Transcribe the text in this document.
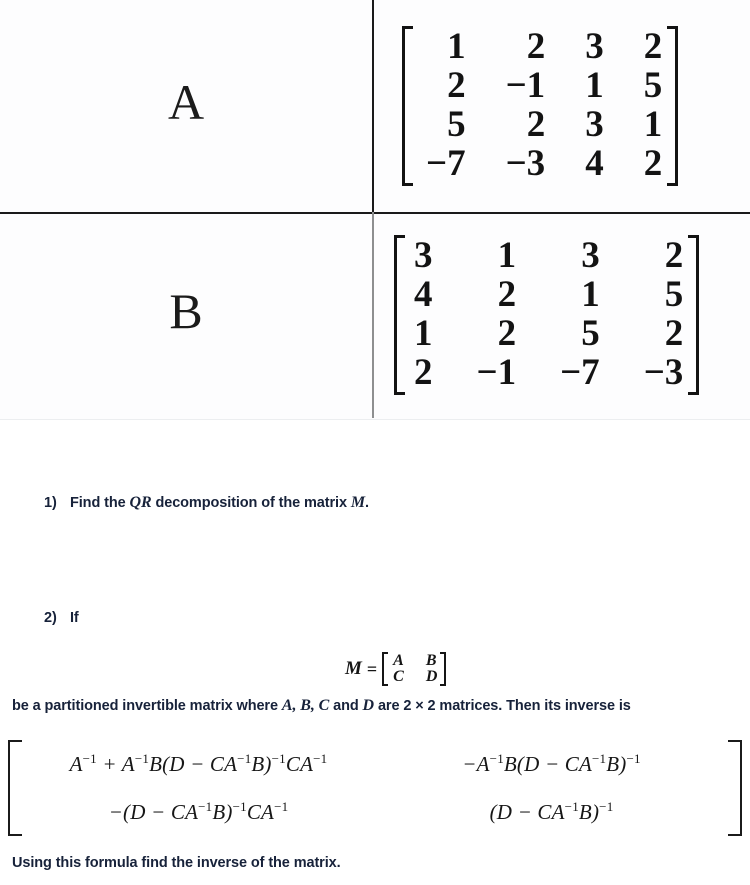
A
1	2	3	2
2	−1	1	5
5	2	3	1
−7	−3	4	2
B
3	1	3	2
4	2	1	5
1	2	5	2
2	−1	−7	−3
1) Find the QR decomposition of the matrix M.
2) If
M = A	B
C	D
be a partitioned invertible matrix where A, B, C and D are 2 × 2 matrices. Then its inverse is
$A^{-1} + A^{-1}B(D - CA^{-1}B)^{-1}CA^{-1}$	$-A^{-1}B(D - CA^{-1}B)^{-1}$
$-(D - CA^{-1}B)^{-1}CA^{-1}$	$(D - CA^{-1}B)^{-1}$
Using this formula find the inverse of the matrix.
